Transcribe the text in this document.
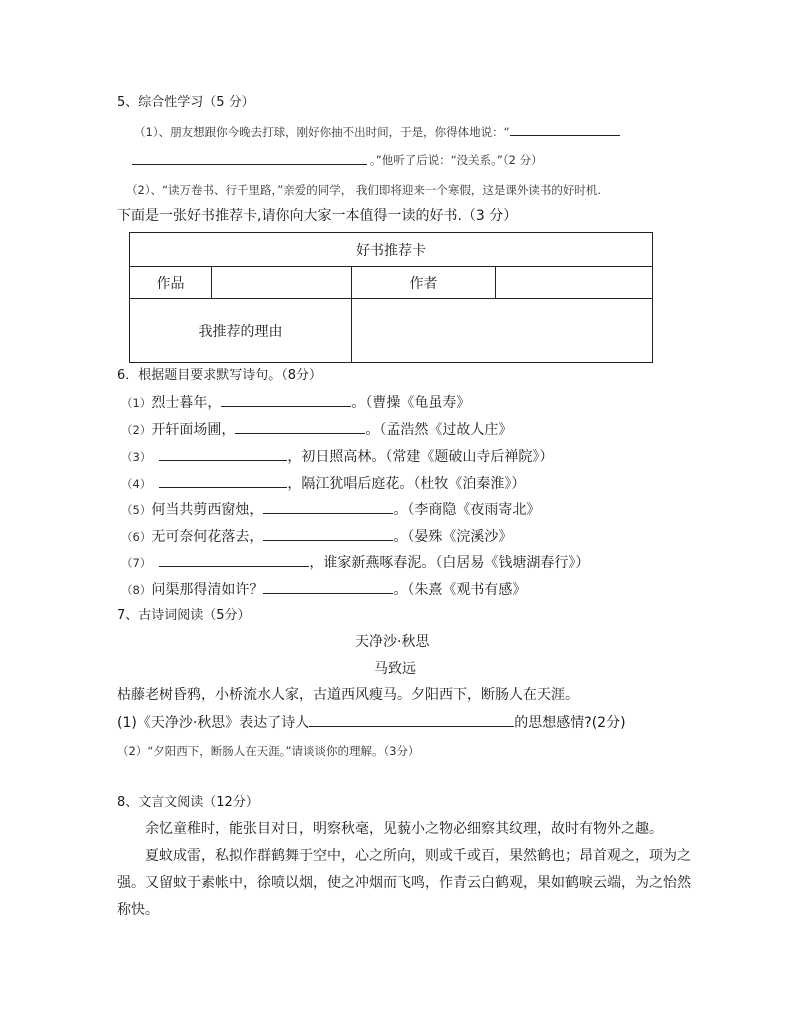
5、综合性学习（5 分）
（1）、朋友想跟你今晚去打球，刚好你抽不出时间，于是，你得体地说：“
。”他听了后说：“没关系。”（2 分）
（2）、“读万卷书、行千里路，”亲爱的同学， 我们即将迎来一个寒假，这是课外读书的好时机.
下面是一张好书推荐卡,请你向大家一本值得一读的好书.（3 分）
好书推荐卡			
作品		作者	
我推荐的理由			
6．根据题目要求默写诗句。（8分）
（1）烈士暮年，	。（曹操《龟虽寿》
（2）开轩面场圃，	。（孟浩然《过故人庄》
（3）	，初日照高林。（常建《题破山寺后禅院》）
（4）	，隔江犹唱后庭花。（杜牧《泊秦淮》）
（5）何当共剪西窗烛，	。（李商隐《夜雨寄北》
（6）无可奈何花落去，	。（晏殊《浣溪沙》
（7）	，谁家新燕啄春泥。（白居易《钱塘湖春行》）
（8）问渠那得清如许？	。（朱熹《观书有感》
7、古诗词阅读（5分）
天净沙·秋思
马致远
枯藤老树昏鸦，小桥流水人家，古道西风瘦马。夕阳西下，断肠人在天涯。
(1)《天净沙·秋思》表达了诗人	的思想感情?(2分)
（2）“夕阳西下，断肠人在天涯。”请谈谈你的理解。（3分）
8、文言文阅读（12分）
余忆童稚时，能张目对日，明察秋毫，见藐小之物必细察其纹理，故时有物外之趣。
夏蚊成雷，私拟作群鹤舞于空中，心之所向，则或千或百，果然鹤也；昂首观之，项为之
强。又留蚊于素帐中，徐喷以烟，使之冲烟而飞鸣，作青云白鹤观，果如鹤唳云端，为之怡然
称快。
